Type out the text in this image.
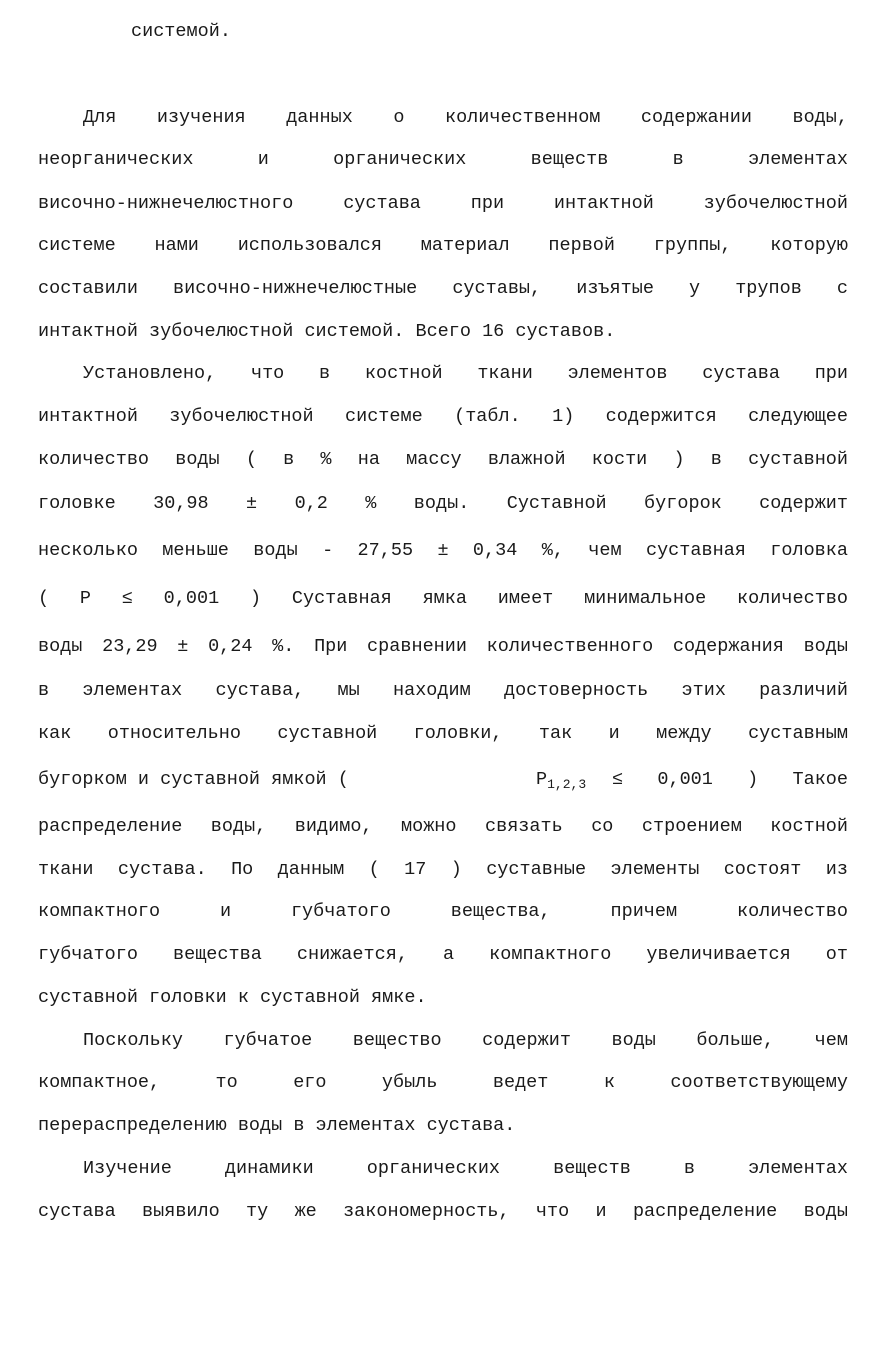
системой.
Для изучения данных о количественном содержании воды,
неорганических и органических веществ в элементах
височно-нижнечелюстного сустава при интактной зубочелюстной
системе нами использовался материал первой группы, которую
составили височно-нижнечелюстные суставы, изъятые у трупов с
интактной зубочелюстной системой. Всего 16 суставов.
Установлено, что в костной ткани элементов сустава при
интактной зубочелюстной системе (табл. 1) содержится следующее
количество воды ( в % на массу влажной кости ) в суставной
головке 30,98 ± 0,2 % воды. Суставной бугорок содержит
несколько меньше воды - 27,55 ± 0,34 %, чем суставная головка
( P ≤ 0,001 ) Суставная ямка имеет минимальное количество
воды 23,29 ± 0,24 %. При сравнении количественного содержания воды
в элементах сустава, мы находим достоверность этих различий
как относительно суставной головки, так и между суставным
бугорком и суставной ямкой (	$P_{1,2,3}$	≤ 0,001 ) Такое
распределение воды, видимо, можно связать со строением костной
ткани сустава. По данным ( 17 ) суставные элементы состоят из
компактного и губчатого вещества, причем количество
губчатого вещества снижается, а компактного увеличивается от
суставной головки к суставной ямке.
Поскольку губчатое вещество содержит воды больше, чем
компактное, то его убыль ведет к соответствующему
перераспределению воды в элементах сустава.
Изучение динамики органических веществ в элементах
сустава выявило ту же закономерность, что и распределение воды
